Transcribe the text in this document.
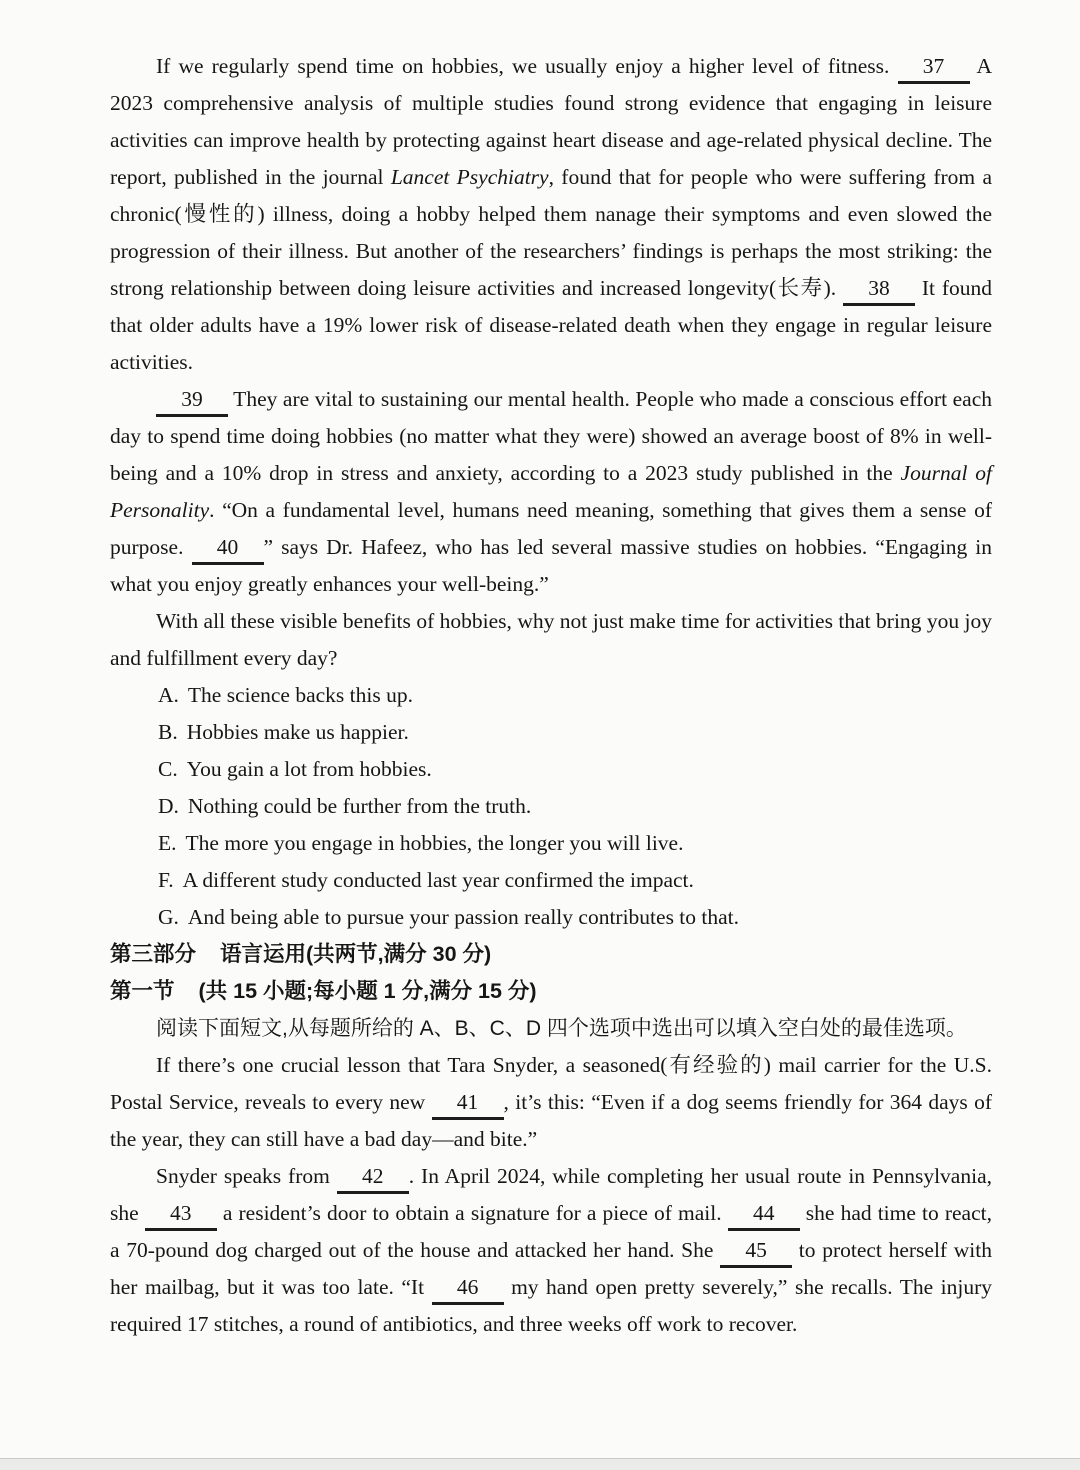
If we regularly spend time on hobbies, we usually enjoy a higher level of fitness. 37 A 2023 comprehensive analysis of multiple studies found strong evidence that engaging in leisure activities can improve health by protecting against heart disease and age-related physical decline. The report, published in the journal Lancet Psychiatry, found that for people who were suffering from a chronic(慢性的) illness, doing a hobby helped them nanage their symptoms and even slowed the progression of their illness. But another of the researchers’ findings is perhaps the most striking: the strong relationship between doing leisure activities and increased longevity(长寿). 38 It found that older adults have a 19% lower risk of disease-related death when they engage in regular leisure activities.

39 They are vital to sustaining our mental health. People who made a conscious effort each day to spend time doing hobbies (no matter what they were) showed an average boost of 8% in well-being and a 10% drop in stress and anxiety, according to a 2023 study published in the Journal of Personality. “On a fundamental level, humans need meaning, something that gives them a sense of purpose. 40 ” says Dr. Hafeez, who has led several massive studies on hobbies. “Engaging in what you enjoy greatly enhances your well-being.”

With all these visible benefits of hobbies, why not just make time for activities that bring you joy and fulfillment every day?

A. The science backs this up.
B. Hobbies make us happier.
C. You gain a lot from hobbies.
D. Nothing could be further from the truth.
E. The more you engage in hobbies, the longer you will live.
F. A different study conducted last year confirmed the impact.
G. And being able to pursue your passion really contributes to that.

第三部分 语言运用(共两节,满分 30 分)

第一节 (共 15 小题;每小题 1 分,满分 15 分)

阅读下面短文,从每题所给的 A、B、C、D 四个选项中选出可以填入空白处的最佳选项。

If there’s one crucial lesson that Tara Snyder, a seasoned(有经验的) mail carrier for the U.S. Postal Service, reveals to every new 41 , it’s this: “Even if a dog seems friendly for 364 days of the year, they can still have a bad day—and bite.”

Snyder speaks from 42 . In April 2024, while completing her usual route in Pennsylvania, she 43 a resident’s door to obtain a signature for a piece of mail. 44 she had time to react, a 70-pound dog charged out of the house and attacked her hand. She 45 to protect herself with her mailbag, but it was too late. “It 46 my hand open pretty severely,” she recalls. The injury required 17 stitches, a round of antibiotics, and three weeks off work to recover.
